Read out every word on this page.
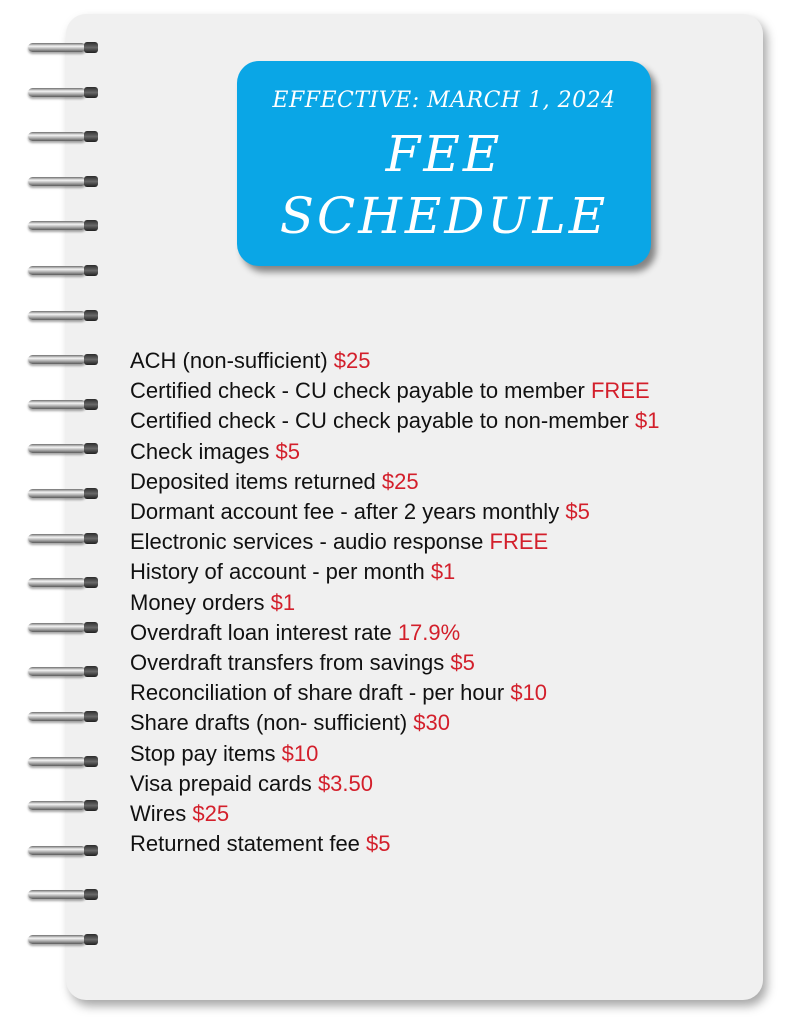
EFFECTIVE: MARCH 1, 2024
FEE
SCHEDULE
ACH (non-sufficient) $25
Certified check - CU check payable to member FREE
Certified check - CU check payable to non-member $1
Check images $5
Deposited items returned $25
Dormant account fee - after 2 years monthly $5
Electronic services - audio response FREE
History of account - per month $1
Money orders $1
Overdraft loan interest rate 17.9%
Overdraft transfers from savings $5
Reconciliation of share draft - per hour $10
Share drafts (non- sufficient) $30
Stop pay items $10
Visa prepaid cards $3.50
Wires $25
Returned statement fee $5
